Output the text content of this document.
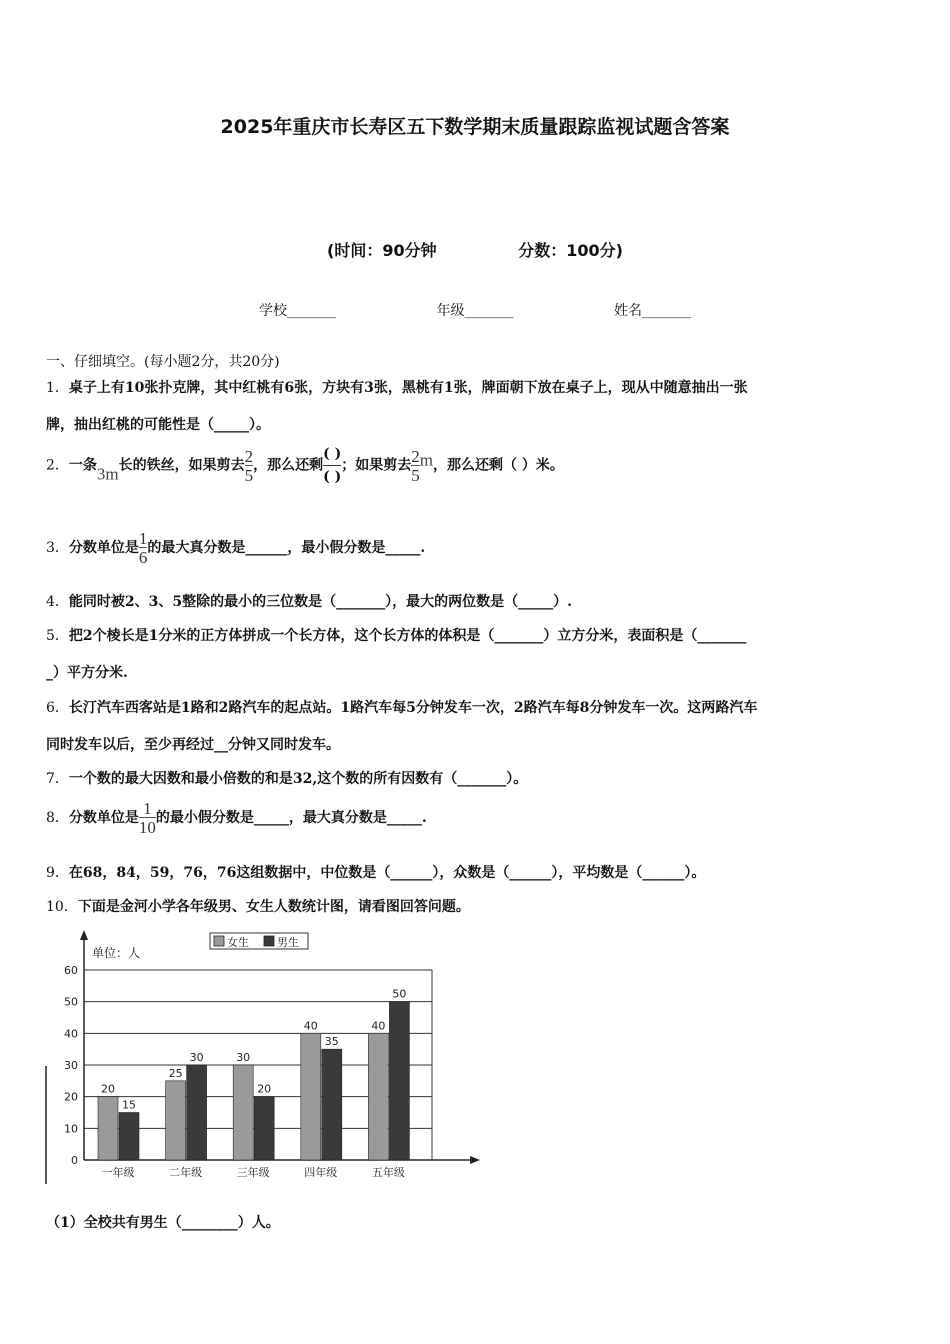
2025年重庆市长寿区五下数学期末质量跟踪监视试题含答案
(时间：90分钟	分数：100分)
学校_______	年级_______	姓名_______
一、仔细填空。(每小题2分，共20分)
1．桌子上有10张扑克牌，其中红桃有6张，方块有3张，黑桃有1张，牌面朝下放在桌子上，现从中随意抽出一张
牌，抽出红桃的可能性是（_____）。
2．一条3m长的铁丝，如果剪去 $\frac{2}{5}$ ，那么还剩
( )
( )
；如果剪去 $\frac{2}{5}$ m，那么还剩（ ）米。
3．分数单位是 $\frac{1}{6}$ 的最大真分数是______，最小假分数是_____.
4．能同时被2、3、5整除的最小的三位数是（_______），最大的两位数是（_____）.
5．把2个棱长是1分米的正方体拼成一个长方体，这个长方体的体积是（_______）立方分米，表面积是（_______
_）平方分米.
6．长汀汽车西客站是1路和2路汽车的起点站。1路汽车每5分钟发车一次，2路汽车每8分钟发车一次。这两路汽车
同时发车以后，至少再经过__分钟又同时发车。
7．一个数的最大因数和最小倍数的和是32,这个数的所有因数有（_______）。
8．分数单位是 $\frac{1}{10}$ 的最小假分数是_____，最大真分数是_____.
9．在68，84，59，76，76这组数据中，中位数是（______），众数是（______），平均数是（______）。
10．下面是金河小学各年级男、女生人数统计图，请看图回答问题。
0
10
20
30
40
50
60
单位：人
女生	男生
20
15
一年级
25
30
二年级
30
20
三年级
40
35
四年级
40
50
五年级
（1）全校共有男生（________）人。
